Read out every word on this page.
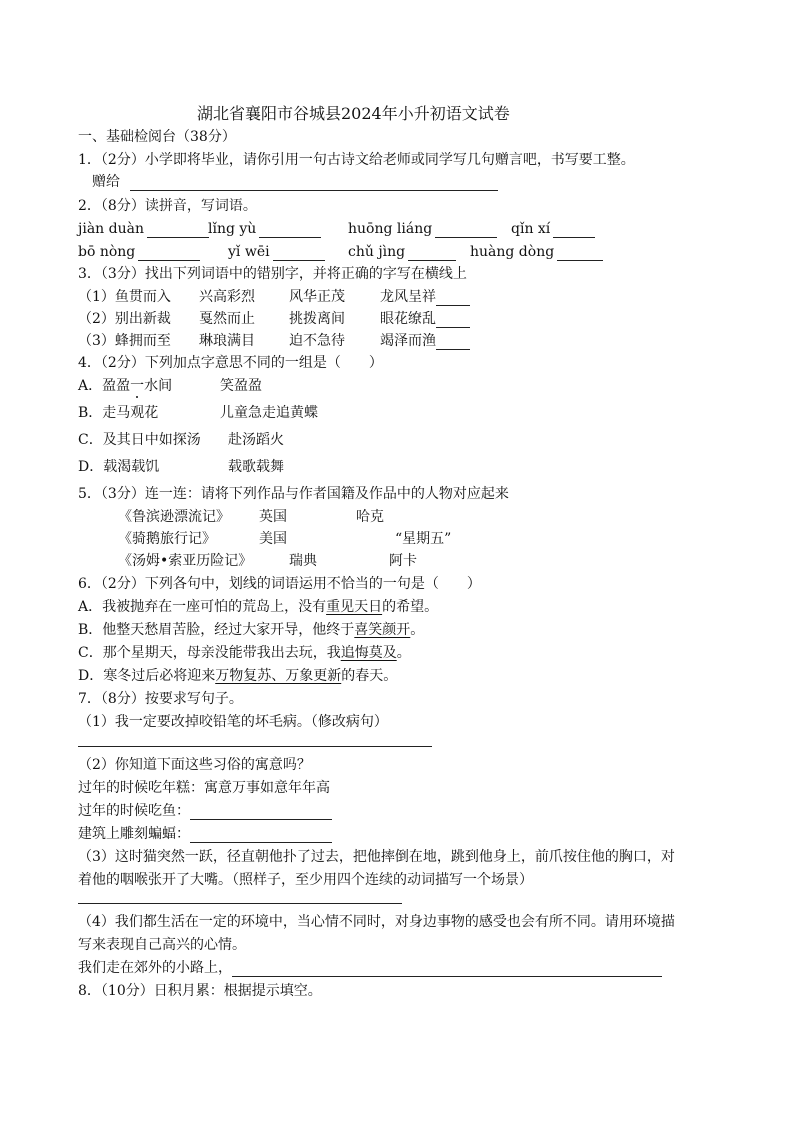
湖北省襄阳市谷城县2024年小升初语文试卷
一、基础检阅台（38分）
1．（2分）小学即将毕业，请你引用一句古诗文给老师或同学写几句赠言吧，书写要工整。
赠给
2．（8分）读拼音，写词语。
jiàn duàn	lǐng yù	huōng liáng	qǐn xí
bō nòng	yǐ wēi	chǔ jìng	huàng dòng
3．（3分）找出下列词语中的错别字，并将正确的字写在横线上
（1）鱼贯而入 兴高彩烈 风华正茂	龙风呈祥
（2）别出新裁 戛然而止 挑拨离间	眼花缭乱
（3）蜂拥而至 琳琅满目 迫不急待	竭泽而渔
4．（2分）下列加点字意思不同的一组是（　　）
A．盈盈一水间	笑盈盈
B．走马观花	儿童急走追黄蝶
C．及其日中如探汤 赴汤蹈火
D．载渴载饥	载歌载舞
5．（3分）连一连：请将下列作品与作者国籍及作品中的人物对应起来
《鲁滨逊漂流记》 英国	哈克
《骑鹅旅行记》	美国	“星期五”
《汤姆•索亚历险记》	瑞典	阿卡
6．（2分）下列各句中，划线的词语运用不恰当的一句是（　　）
A．我被抛弃在一座可怕的荒岛上，没有重见天日的希望。
B．他整天愁眉苦脸，经过大家开导，他终于喜笑颜开。
C．那个星期天，母亲没能带我出去玩，我追悔莫及。
D．寒冬过后必将迎来万物复苏、万象更新的春天。
7．（8分）按要求写句子。
（1）我一定要改掉咬铅笔的坏毛病。（修改病句）
（2）你知道下面这些习俗的寓意吗？
过年的时候吃年糕：寓意万事如意年年高
过年的时候吃鱼：
建筑上雕刻蝙蝠：
（3）这时猫突然一跃，径直朝他扑了过去，把他摔倒在地，跳到他身上，前爪按住他的胸口，对
着他的咽喉张开了大嘴。（照样子，至少用四个连续的动词描写一个场景）
（4）我们都生活在一定的环境中，当心情不同时，对身边事物的感受也会有所不同。请用环境描
写来表现自己高兴的心情。
我们走在郊外的小路上，
8．（10分）日积月累：根据提示填空。
